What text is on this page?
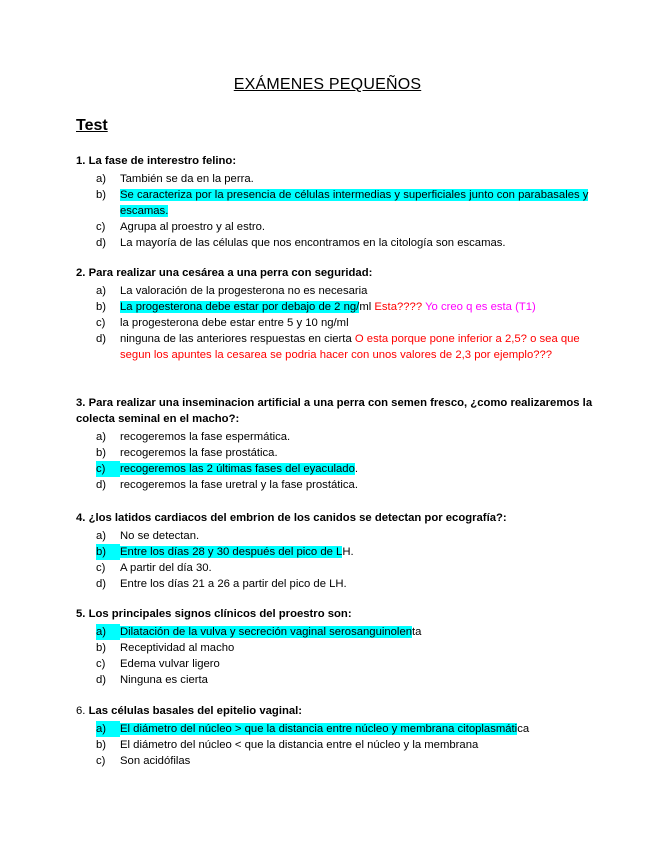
EXÁMENES PEQUEÑOS
Test
1. La fase de interestro felino:
a)	También se da en la perra.
b)	Se caracteriza por la presencia de células intermedias y superficiales junto con parabasales y escamas.
c)	Agrupa al proestro y al estro.
d)	La mayoría de las células que nos encontramos en la citología son escamas.
2. Para realizar una cesárea a una perra con seguridad:
a)	La valoración de la progesterona no es necesaria
b)	La progesterona debe estar por debajo de 2 ng/ml Esta???? Yo creo q es esta (T1)
c)	la progesterona debe estar entre 5 y 10 ng/ml
d)	ninguna de las anteriores respuestas en cierta O esta porque pone inferior a 2,5? o sea que segun los apuntes la cesarea se podria hacer con unos valores de 2,3 por ejemplo???
3. Para realizar una inseminacion artificial a una perra con semen fresco, ¿como realizaremos la colecta seminal en el macho?:
a)	recogeremos la fase espermática.
b)	recogeremos la fase prostática.
c)	recogeremos las 2 últimas fases del eyaculado.
d)	recogeremos la fase uretral y la fase prostática.
4. ¿los latidos cardiacos del embrion de los canidos se detectan por ecografía?:
a)	No se detectan.
b)	Entre los días 28 y 30 después del pico de LH.
c)	A partir del día 30.
d)	Entre los días 21 a 26 a partir del pico de LH.
5. Los principales signos clínicos del proestro son:
a)	Dilatación de la vulva y secreción vaginal serosanguinolenta
b)	Receptividad al macho
c)	Edema vulvar ligero
d)	Ninguna es cierta
6. Las células basales del epitelio vaginal:
a)	El diámetro del núcleo > que la distancia entre núcleo y membrana citoplasmática
b)	El diámetro del núcleo < que la distancia entre el núcleo y la membrana
c)	Son acidófilas
